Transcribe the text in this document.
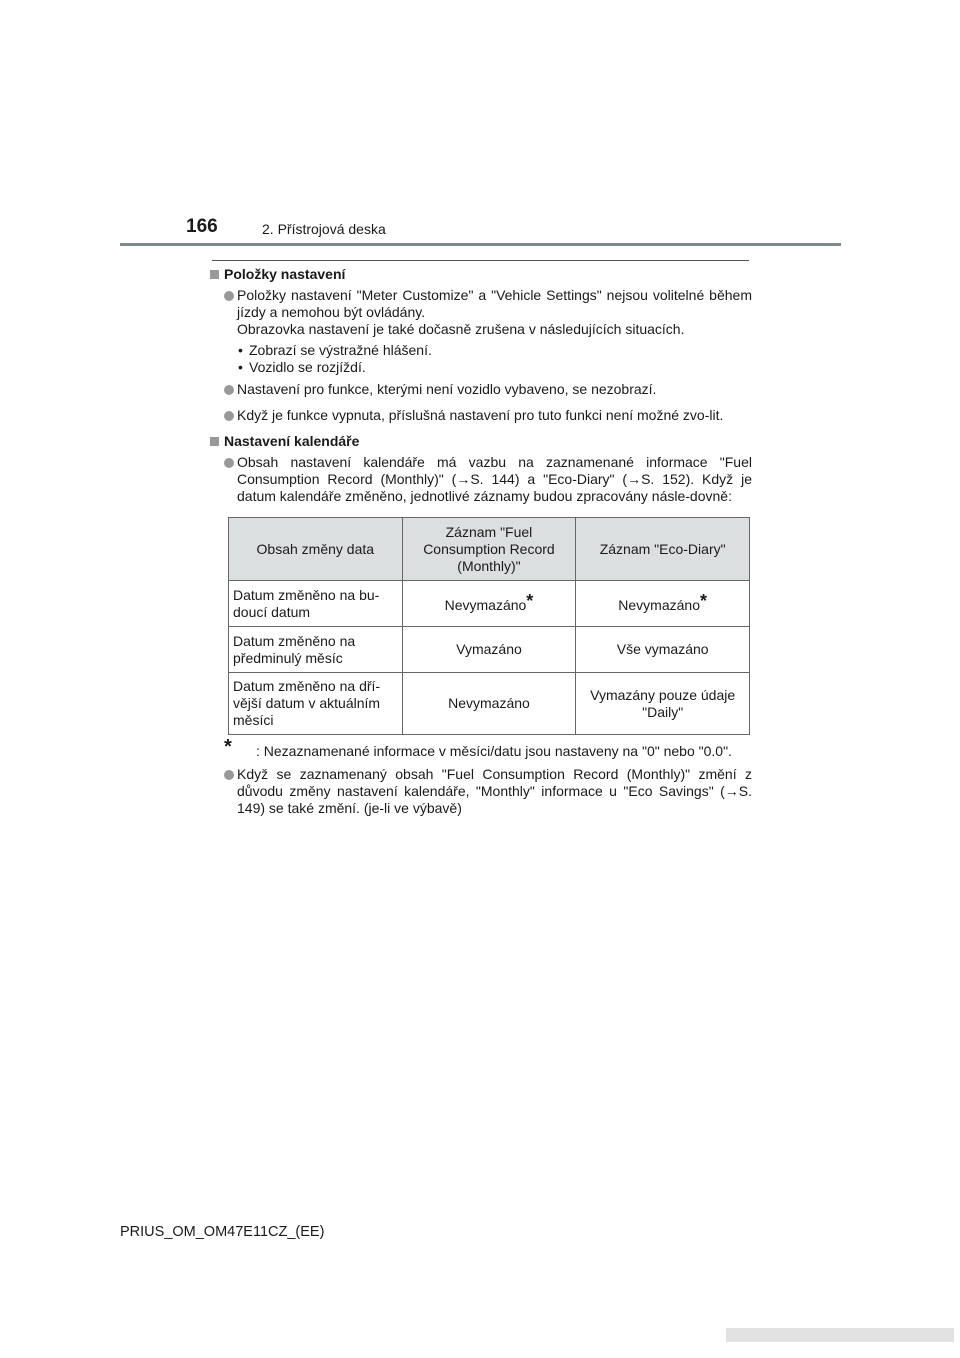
166	2. Přístrojová deska
Položky nastavení
Položky nastavení "Meter Customize" a "Vehicle Settings" nejsou volitelné během jízdy a nemohou být ovládány.
Obrazovka nastavení je také dočasně zrušena v následujících situacích.
• Zobrazí se výstražné hlášení.
• Vozidlo se rozjíždí.
Nastavení pro funkce, kterými není vozidlo vybaveno, se nezobrazí.
Když je funkce vypnuta, příslušná nastavení pro tuto funkci není možné zvo-lit.
Nastavení kalendáře
Obsah nastavení kalendáře má vazbu na zaznamenané informace "Fuel Consumption Record (Monthly)" (→S. 144) a "Eco-Diary" (→S. 152). Když je datum kalendáře změněno, jednotlivé záznamy budou zpracovány násle-dovně:
Obsah změny data	Záznam "Fuel Consumption Record (Monthly)"	Záznam "Eco-Diary"
Datum změněno na bu-doucí datum	Nevymazáno*	Nevymazáno*
Datum změněno na předminulý měsíc	Vymazáno	Vše vymazáno
Datum změněno na dří-vější datum v aktuálním měsíci	Nevymazáno	Vymazány pouze údaje "Daily"
* : Nezaznamenané informace v měsíci/datu jsou nastaveny na "0" nebo "0.0".
Když se zaznamenaný obsah "Fuel Consumption Record (Monthly)" změní z důvodu změny nastavení kalendáře, "Monthly" informace u "Eco Savings" (→S. 149) se také změní. (je-li ve výbavě)
PRIUS_OM_OM47E11CZ_(EE)
